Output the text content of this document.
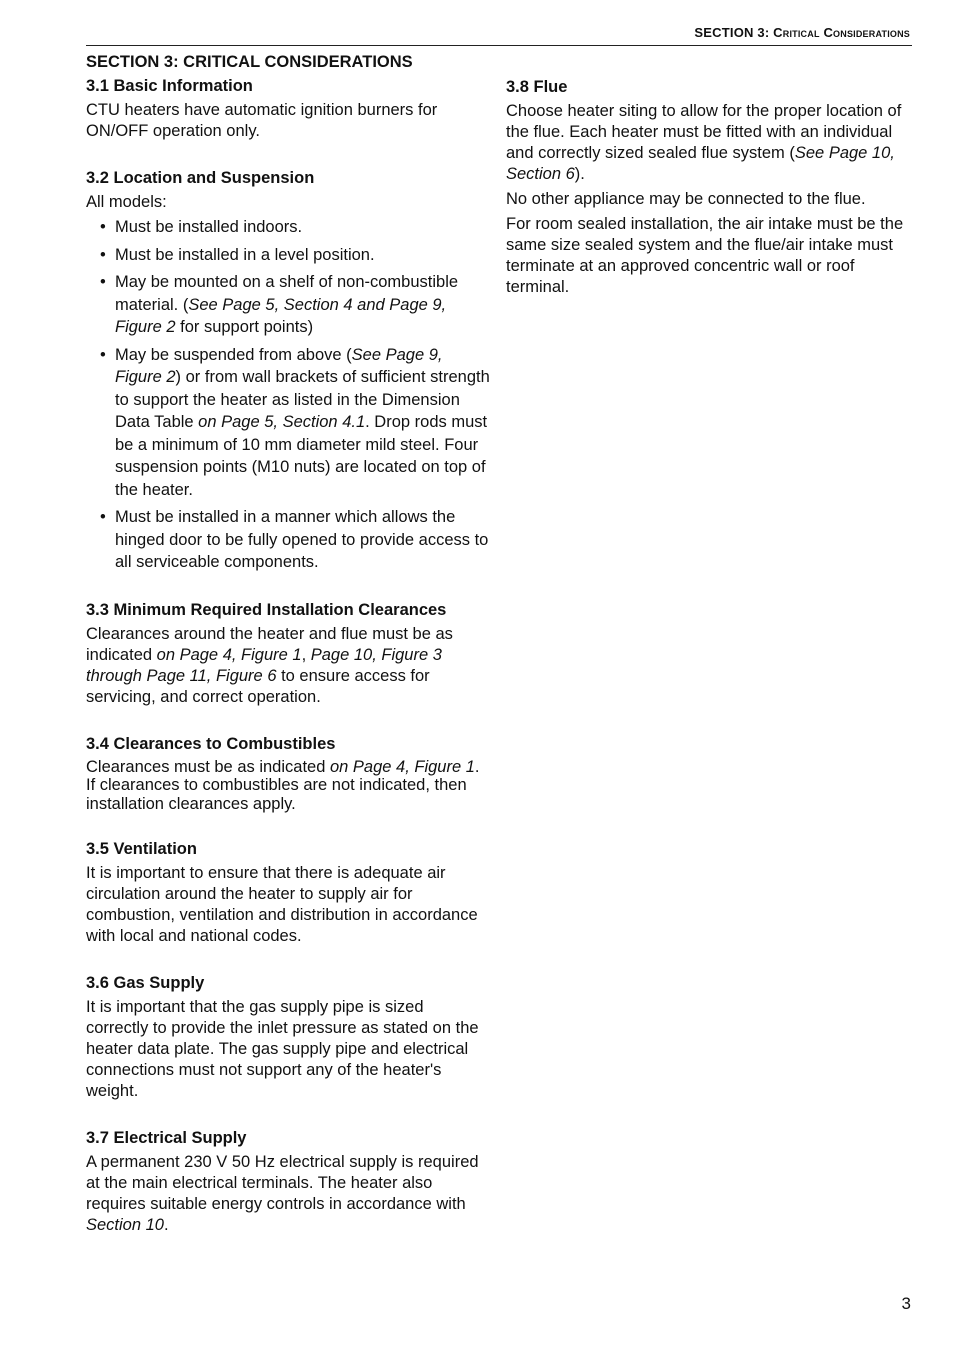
SECTION 3: Critical Considerations
SECTION 3: CRITICAL CONSIDERATIONS
3.1 Basic Information

CTU heaters have automatic ignition burners for ON/OFF operation only.

3.2 Location and Suspension

All models:

• Must be installed indoors.
• Must be installed in a level position.
• May be mounted on a shelf of non-combustible material. (See Page 5, Section 4 and Page 9, Figure 2 for support points)
• May be suspended from above (See Page 9, Figure 2) or from wall brackets of sufficient strength to support the heater as listed in the Dimension Data Table on Page 5, Section 4.1. Drop rods must be a minimum of 10 mm diameter mild steel. Four suspension points (M10 nuts) are located on top of the heater.
• Must be installed in a manner which allows the hinged door to be fully opened to provide access to all serviceable components.
3.3 Minimum Required Installation Clearances

Clearances around the heater and flue must be as indicated on Page 4, Figure 1, Page 10, Figure 3 through Page 11, Figure 6 to ensure access for servicing, and correct operation.

3.4 Clearances to Combustibles

Clearances must be as indicated on Page 4, Figure 1. If clearances to combustibles are not indicated, then installation clearances apply.

3.5 Ventilation

It is important to ensure that there is adequate air circulation around the heater to supply air for combustion, ventilation and distribution in accordance with local and national codes.

3.6 Gas Supply

It is important that the gas supply pipe is sized correctly to provide the inlet pressure as stated on the heater data plate. The gas supply pipe and electrical connections must not support any of the heater's weight.

3.7 Electrical Supply

A permanent 230 V 50 Hz electrical supply is required at the main electrical terminals. The heater also requires suitable energy controls in accordance with Section 10.

3.8 Flue

Choose heater siting to allow for the proper location of the flue. Each heater must be fitted with an individual and correctly sized sealed flue system (See Page 10, Section 6).

No other appliance may be connected to the flue.

For room sealed installation, the air intake must be the same size sealed system and the flue/air intake must terminate at an approved concentric wall or roof terminal.

3
